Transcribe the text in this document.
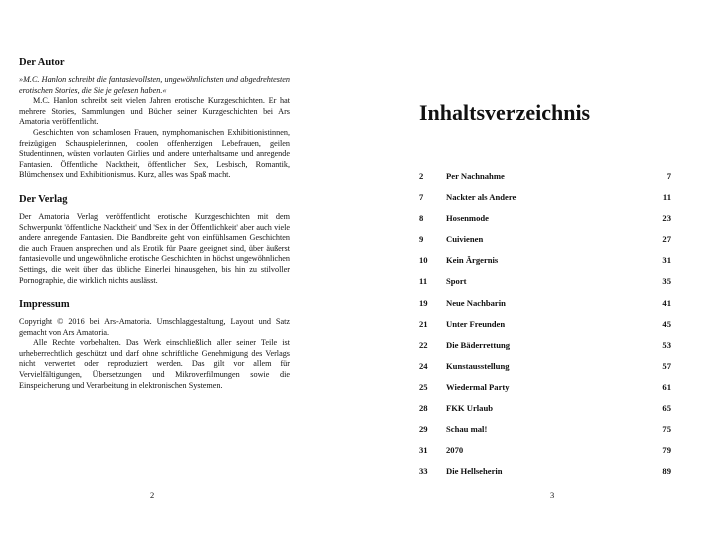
Der Autor

»M.C. Hanlon schreibt die fantasievollsten, ungewöhnlichsten und abgedrehtesten erotischen Stories, die Sie je gelesen haben.«

M.C. Hanlon schreibt seit vielen Jahren erotische Kurzgeschichten. Er hat mehrere Stories, Sammlungen und Bücher seiner Kurzgeschichten bei Ars Amatoria veröffentlicht.

Geschichten von schamlosen Frauen, nymphomanischen Exhibitionistinnen, freizügigen Schauspielerinnen, coolen offenherzigen Lebefrauen, geilen Studentinnen, wüsten vorlauten Girlies und andere unterhaltsame und anregende Fantasien. Öffentliche Nacktheit, öffentlicher Sex, Lesbisch, Romantik, Blümchensex und Exhibitionismus. Kurz, alles was Spaß macht.

Der Verlag

Der Amatoria Verlag veröffentlicht erotische Kurzgeschichten mit dem Schwerpunkt 'öffentliche Nacktheit' und 'Sex in der Öffentlichkeit' aber auch viele andere anregende Fantasien. Die Bandbreite geht von einfühlsamen Geschichten die auch Frauen ansprechen und als Erotik für Paare geeignet sind, über äußerst fantasievolle und ungewöhnliche erotische Geschichten in höchst ungewöhnlichen Settings, die weit über das übliche Einerlei hinausgehen, bis hin zu stilvoller Pornographie, die wirklich nichts auslässt.

Impressum

Copyright © 2016 bei Ars-Amatoria. Umschlaggestaltung, Layout und Satz gemacht von Ars Amatoria.

Alle Rechte vorbehalten. Das Werk einschließlich aller seiner Teile ist urheberrechtlich geschützt und darf ohne schriftliche Genehmigung des Verlags nicht verwertet oder reproduziert werden. Das gilt vor allem für Vervielfältigungen, Übersetzungen und Mikroverfilmungen sowie die Einspeicherung und Verarbeitung in elektronischen Systemen.

2
Inhaltsverzeichnis
2	Per Nachnahme	7
7	Nackter als Andere	11
8	Hosenmode	23
9	Cuivienen	27
10	Kein Ärgernis	31
11	Sport	35
19	Neue Nachbarin	41
21	Unter Freunden	45
22	Die Bäderrettung	53
24	Kunstausstellung	57
25	Wiedermal Party	61
28	FKK Urlaub	65
29	Schau mal!	75
31	2070	79
33	Die Hellseherin	89
3
